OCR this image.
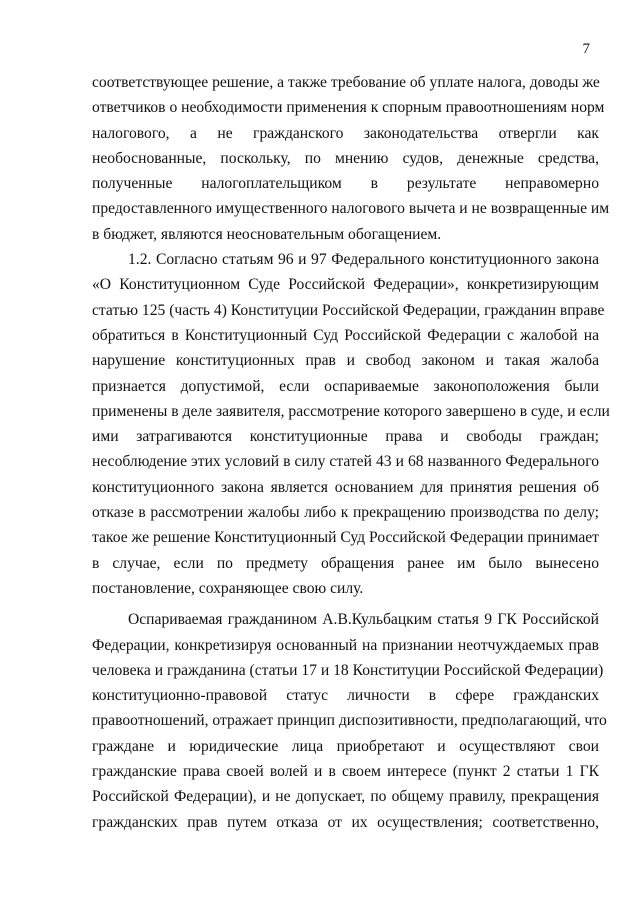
7
соответствующее решение, а также требование об уплате налога, доводы же
ответчиков о необходимости применения к спорным правоотношениям норм
налогового, а не гражданского законодательства отвергли как
необоснованные, поскольку, по мнению судов, денежные средства,
полученные налогоплательщиком в результате неправомерно
предоставленного имущественного налогового вычета и не возвращенные им
в бюджет, являются неосновательным обогащением.
1.2. Согласно статьям 96 и 97 Федерального конституционного закона
«О Конституционном Суде Российской Федерации», конкретизирующим
статью 125 (часть 4) Конституции Российской Федерации, гражданин вправе
обратиться в Конституционный Суд Российской Федерации с жалобой на
нарушение конституционных прав и свобод законом и такая жалоба
признается допустимой, если оспариваемые законоположения были
применены в деле заявителя, рассмотрение которого завершено в суде, и если
ими затрагиваются конституционные права и свободы граждан;
несоблюдение этих условий в силу статей 43 и 68 названного Федерального
конституционного закона является основанием для принятия решения об
отказе в рассмотрении жалобы либо к прекращению производства по делу;
такое же решение Конституционный Суд Российской Федерации принимает
в случае, если по предмету обращения ранее им было вынесено
постановление, сохраняющее свою силу.
Оспариваемая гражданином А.В.Кульбацким статья 9 ГК Российской
Федерации, конкретизируя основанный на признании неотчуждаемых прав
человека и гражданина (статьи 17 и 18 Конституции Российской Федерации)
конституционно-правовой статус личности в сфере гражданских
правоотношений, отражает принцип диспозитивности, предполагающий, что
граждане и юридические лица приобретают и осуществляют свои
гражданские права своей волей и в своем интересе (пункт 2 статьи 1 ГК
Российской Федерации), и не допускает, по общему правилу, прекращения
гражданских прав путем отказа от их осуществления; соответственно,
